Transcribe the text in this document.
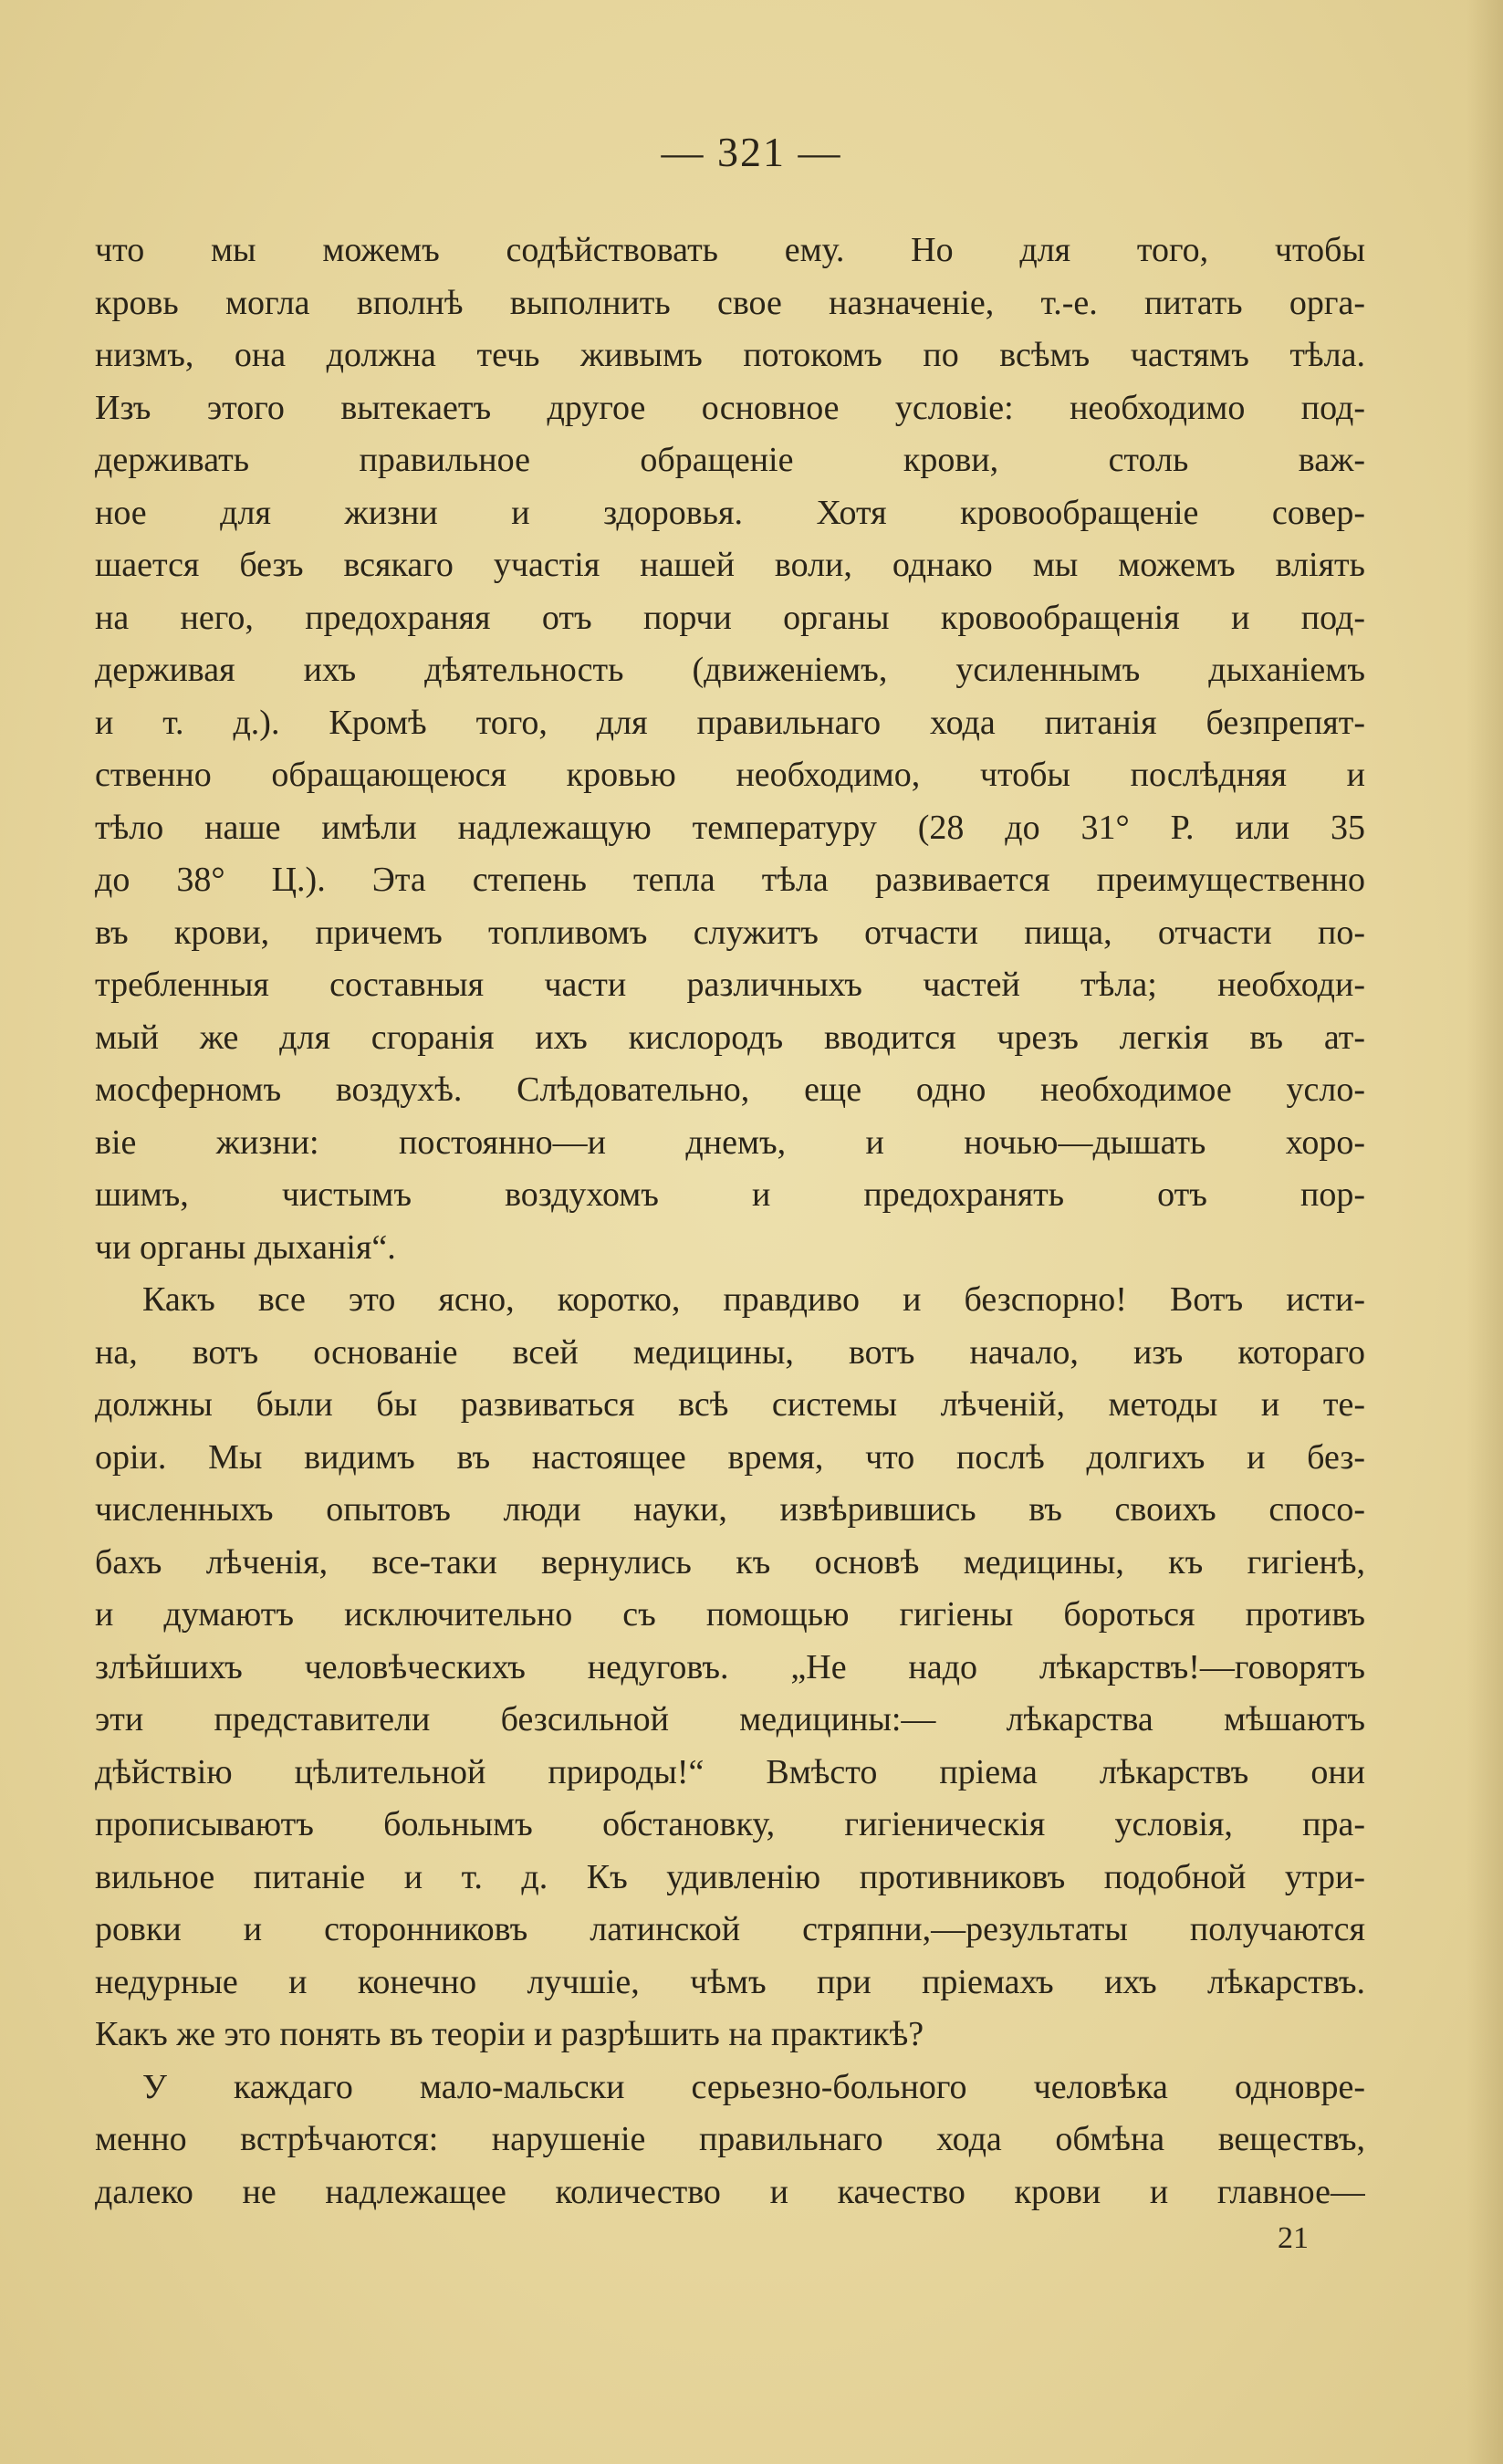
— 321 —
что мы можемъ содѣйствовать ему. Но для того, чтобы
кровь могла вполнѣ выполнить свое назначеніе, т.-е. питать орга-
низмъ, она должна течь живымъ потокомъ по всѣмъ частямъ тѣла.
Изъ этого вытекаетъ другое основное условіе: необходимо под-
держивать правильное обращеніе крови, столь важ-
ное для жизни и здоровья. Хотя кровообращеніе совер-
шается безъ всякаго участія нашей воли, однако мы можемъ вліять
на него, предохраняя отъ порчи органы кровообращенія и под-
держивая ихъ дѣятельность (движеніемъ, усиленнымъ дыханіемъ
и т. д.). Кромѣ того, для правильнаго хода питанія безпрепят-
ственно обращающеюся кровью необходимо, чтобы послѣдняя и
тѣло наше имѣли надлежащую температуру (28 до 31° Р. или 35
до 38° Ц.). Эта степень тепла тѣла развивается преимущественно
въ крови, причемъ топливомъ служитъ отчасти пища, отчасти по-
требленныя составныя части различныхъ частей тѣла; необходи-
мый же для сгоранія ихъ кислородъ вводится чрезъ легкія въ ат-
мосферномъ воздухѣ. Слѣдовательно, еще одно необходимое усло-
віе жизни: постоянно—и днемъ, и ночью—дышать хоро-
шимъ, чистымъ воздухомъ и предохранять отъ пор-
чи органы дыханія“.
Какъ все это ясно, коротко, правдиво и безспорно! Вотъ исти-
на, вотъ основаніе всей медицины, вотъ начало, изъ котораго
должны были бы развиваться всѣ системы лѣченій, методы и те-
оріи. Мы видимъ въ настоящее время, что послѣ долгихъ и без-
численныхъ опытовъ люди науки, извѣрившись въ своихъ спосо-
бахъ лѣченія, все-таки вернулись къ основѣ медицины, къ гигіенѣ,
и думаютъ исключительно съ помощью гигіены бороться противъ
злѣйшихъ человѣческихъ недуговъ. „Не надо лѣкарствъ!—говорятъ
эти представители безсильной медицины:— лѣкарства мѣшаютъ
дѣйствію цѣлительной природы!“ Вмѣсто пріема лѣкарствъ они
прописываютъ больнымъ обстановку, гигіеническія условія, пра-
вильное питаніе и т. д. Къ удивленію противниковъ подобной утри-
ровки и сторонниковъ латинской стряпни,—результаты получаются
недурные и конечно лучшіе, чѣмъ при пріемахъ ихъ лѣкарствъ.
Какъ же это понять въ теоріи и разрѣшить на практикѣ?
У каждаго мало-мальски серьезно-больного человѣка одновре-
менно встрѣчаются: нарушеніе правильнаго хода обмѣна веществъ,
далеко не надлежащее количество и качество крови и главное—
21
